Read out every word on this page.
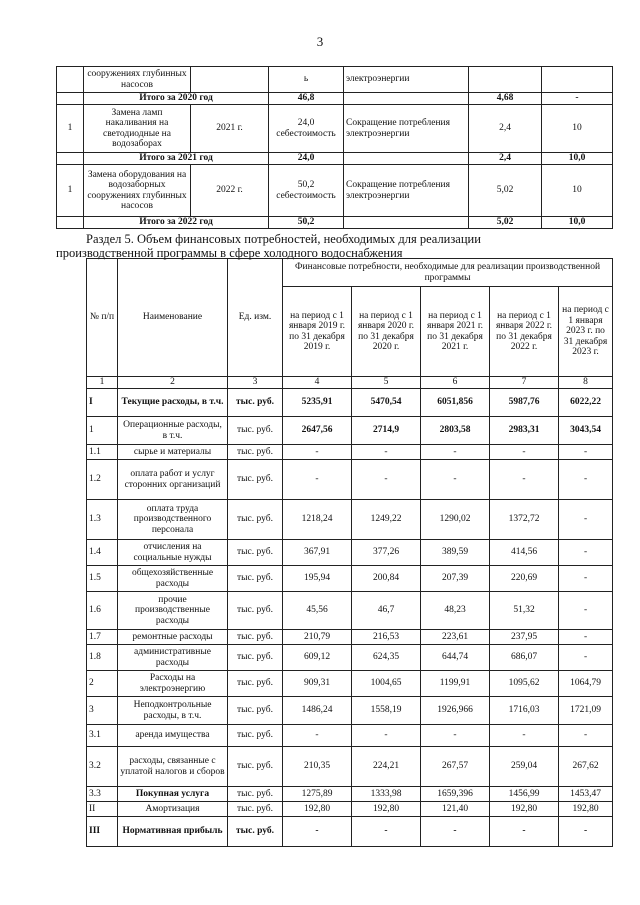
3
	сооружениях глубинных насосов		ь	электроэнергии		
	Итого за 2020 год		46,8		4,68	-
1	Замена ламп накаливания на светодиодные на водозаборах	2021 г.	24,0 себестоимость	Сокращение потребления электроэнергии	2,4	10
	Итого за 2021 год		24,0		2,4	10,0
1	Замена оборудования на водозаборных сооружениях глубинных насосов	2022 г.	50,2 себестоимость	Сокращение потребления электроэнергии	5,02	10
	Итого за 2022 год		50,2		5,02	10,0
Раздел 5. Объем финансовых потребностей, необходимых для реализации
производственной программы в сфере холодного водоснабжения
№ п/п	Наименование	Ед. изм.	Финансовые потребности, необходимые для реализации производственной программы				
			на период с 1 января 2019 г. по 31 декабря 2019 г.	на период с 1 января 2020 г. по 31 декабря 2020 г.	на период с 1 января 2021 г. по 31 декабря 2021 г.	на период с 1 января 2022 г. по 31 декабря 2022 г.	на период с 1 января 2023 г. по 31 декабря 2023 г.
1	2	3	4	5	6	7	8
I	Текущие расходы, в т.ч.	тыс. руб.	5235,91	5470,54	6051,856	5987,76	6022,22
1	Операционные расходы, в т.ч.	тыс. руб.	2647,56	2714,9	2803,58	2983,31	3043,54
1.1	сырье и материалы	тыс. руб.	-	-	-	-	-
1.2	оплата работ и услуг сторонних организаций	тыс. руб.	-	-	-	-	-
1.3	оплата труда производственного персонала	тыс. руб.	1218,24	1249,22	1290,02	1372,72	-
1.4	отчисления на социальные нужды	тыс. руб.	367,91	377,26	389,59	414,56	-
1.5	общехозяйственные расходы	тыс. руб.	195,94	200,84	207,39	220,69	-
1.6	прочие производственные расходы	тыс. руб.	45,56	46,7	48,23	51,32	-
1.7	ремонтные расходы	тыс. руб.	210,79	216,53	223,61	237,95	-
1.8	административные расходы	тыс. руб.	609,12	624,35	644,74	686,07	-
2	Расходы на электроэнергию	тыс. руб.	909,31	1004,65	1199,91	1095,62	1064,79
3	Неподконтрольные расходы, в т.ч.	тыс. руб.	1486,24	1558,19	1926,966	1716,03	1721,09
3.1	аренда имущества	тыс. руб.	-	-	-	-	-
3.2	расходы, связанные с уплатой налогов и сборов	тыс. руб.	210,35	224,21	267,57	259,04	267,62
3.3	Покупная услуга	тыс. руб.	1275,89	1333,98	1659,396	1456,99	1453,47
II	Амортизация	тыс. руб.	192,80	192,80	121,40	192,80	192,80
III	Нормативная прибыль	тыс. руб.	-	-	-	-	-
